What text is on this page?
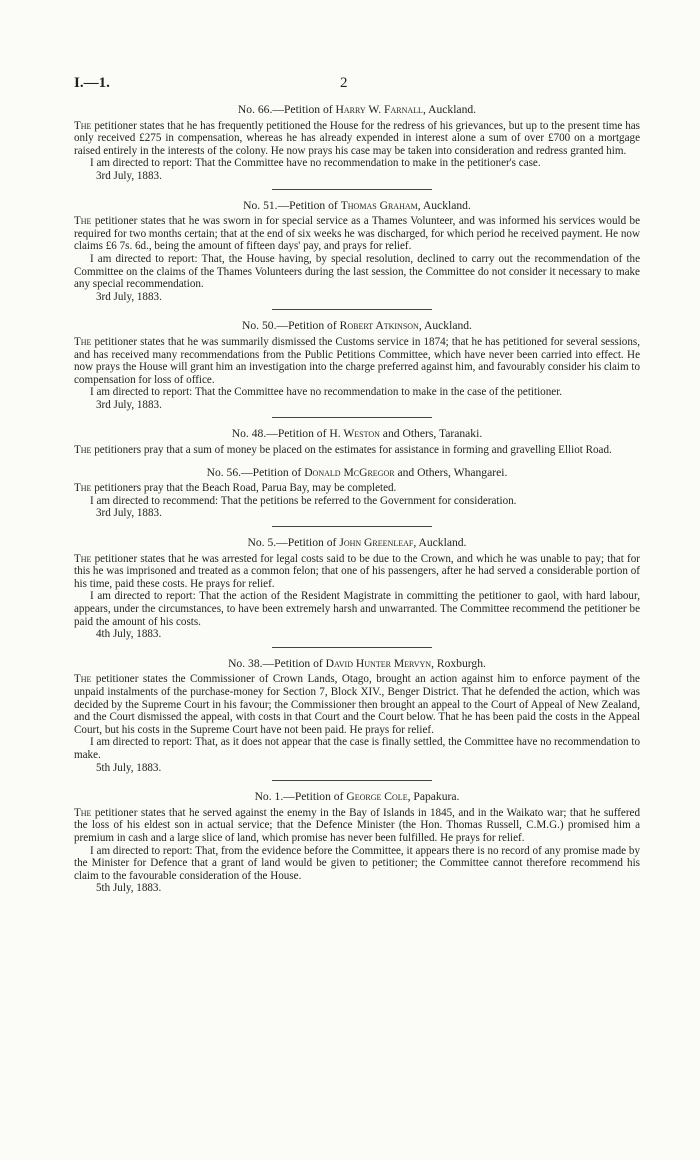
I.—1.	2

No. 66.—Petition of Harry W. Farnall, Auckland.

The petitioner states that he has frequently petitioned the House for the redress of his grievances, but up to the present time has only received £275 in compensation, whereas he has already expended in interest alone a sum of over £700 on a mortgage raised entirely in the interests of the colony. He now prays his case may be taken into consideration and redress granted him.

I am directed to report: That the Committee have no recommendation to make in the petitioner's case.

3rd July, 1883.

No. 51.—Petition of Thomas Graham, Auckland.

The petitioner states that he was sworn in for special service as a Thames Volunteer, and was informed his services would be required for two months certain; that at the end of six weeks he was discharged, for which period he received payment. He now claims £6 7s. 6d., being the amount of fifteen days' pay, and prays for relief.

I am directed to report: That, the House having, by special resolution, declined to carry out the recommendation of the Committee on the claims of the Thames Volunteers during the last session, the Committee do not consider it necessary to make any special recommendation.

3rd July, 1883.

No. 50.—Petition of Robert Atkinson, Auckland.

The petitioner states that he was summarily dismissed the Customs service in 1874; that he has petitioned for several sessions, and has received many recommendations from the Public Petitions Committee, which have never been carried into effect. He now prays the House will grant him an investigation into the charge preferred against him, and favourably consider his claim to compensation for loss of office.

I am directed to report: That the Committee have no recommendation to make in the case of the petitioner.

3rd July, 1883.

No. 48.—Petition of H. Weston and Others, Taranaki.

The petitioners pray that a sum of money be placed on the estimates for assistance in forming and gravelling Elliot Road.

No. 56.—Petition of Donald McGregor and Others, Whangarei.

The petitioners pray that the Beach Road, Parua Bay, may be completed.

I am directed to recommend: That the petitions be referred to the Government for consideration.

3rd July, 1883.

No. 5.—Petition of John Greenleaf, Auckland.

The petitioner states that he was arrested for legal costs said to be due to the Crown, and which he was unable to pay; that for this he was imprisoned and treated as a common felon; that one of his passengers, after he had served a considerable portion of his time, paid these costs. He prays for relief.

I am directed to report: That the action of the Resident Magistrate in committing the petitioner to gaol, with hard labour, appears, under the circumstances, to have been extremely harsh and unwarranted. The Committee recommend the petitioner be paid the amount of his costs.

4th July, 1883.

No. 38.—Petition of David Hunter Mervyn, Roxburgh.

The petitioner states the Commissioner of Crown Lands, Otago, brought an action against him to enforce payment of the unpaid instalments of the purchase-money for Section 7, Block XIV., Benger District. That he defended the action, which was decided by the Supreme Court in his favour; the Commissioner then brought an appeal to the Court of Appeal of New Zealand, and the Court dismissed the appeal, with costs in that Court and the Court below. That he has been paid the costs in the Appeal Court, but his costs in the Supreme Court have not been paid. He prays for relief.

I am directed to report: That, as it does not appear that the case is finally settled, the Committee have no recommendation to make.

5th July, 1883.

No. 1.—Petition of George Cole, Papakura.

The petitioner states that he served against the enemy in the Bay of Islands in 1845, and in the Waikato war; that he suffered the loss of his eldest son in actual service; that the Defence Minister (the Hon. Thomas Russell, C.M.G.) promised him a premium in cash and a large slice of land, which promise has never been fulfilled. He prays for relief.

I am directed to report: That, from the evidence before the Committee, it appears there is no record of any promise made by the Minister for Defence that a grant of land would be given to petitioner; the Committee cannot therefore recommend his claim to the favourable consideration of the House.

5th July, 1883.
